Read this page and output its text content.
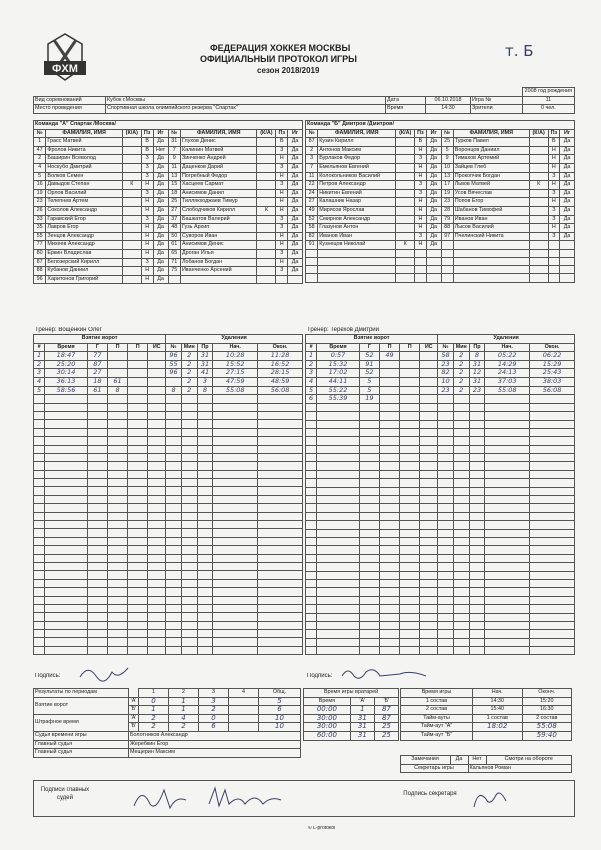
ФХМ
ФЕДЕРАЦИЯ ХОККЕЯ МОСКВЫ
ОФИЦИАЛЬНЫЙ ПРОТОКОЛ ИГРЫ
сезон 2018/2019
т. Б
					2008 год рождения
Вид соревнований	Кубок г.Москвы	Дата	06.10.2018	Игра №	11
Место проведения	Спортивная школа олимпийского резерва "Спартак"	Время	14:30	Зрители	0 чел.
Команда "А" Спартак /Москва/									
№	ФАМИЛИЯ, ИМЯ	(К/А)	Пз	Иг	№	ФАМИЛИЯ, ИМЯ	(К/А)	Пз	Иг
1	Грасс Матвей		В	Да	31	Глухов Денис		В	Да
47	Фролов Никита		В	Нет	7	Калинин Матвей		З	Да
2	Баширин Всеволод		З	Да	9	Зинченко Андрей		Н	Да
4	Носкубо Дмитрий		З	Да	11	Даценков Дарий		З	Да
5	Волков Семен		З	Да	13	Погребный Федор		Н	Да
16	Давыдов Степан	К	Н	Да	15	Хасцеев Сармат		З	Да
19	Орлов Василий		З	Да	18	Анисимов Данил		Н	Да
23	Телепнев Артем		Н	Да	25	Тиллякходжаев Тимур		Н	Да
26	Соколов Александр		Н	Да	27	Слободчиков Кирилл	К	Н	Да
33	Гаравский Егор		З	Да	37	Башкатов Валерий		З	Да
35	Лавров Егор		Н	Да	48	Гузь Архип		З	Да
55	Зенцов Александр		Н	Да	50	Суворов Иван		Н	Да
77	Михеев Александр		Н	Да	61	Анисимов Денис		Н	Да
80	Еркин Владислав		Н	Да	65	Дроган Илья		З	Да
87	Белозерский Кирилл		З	Да	71	Лобанов Богдан		Н	Да
88	Кубанов Даниил		Н	Да	75	Иванченко Арсений		З	Да
96	Харитонов Григорий		Н	Да					
Команда "Б" Дмитров /Дмитров/									
№	ФАМИЛИЯ, ИМЯ	(К/А)	Пз	Иг	№	ФАМИЛИЯ, ИМЯ	(К/А)	Пз	Иг
87	Кузин Кирилл		В	Да	25	Турков Павел		В	Да
2	Антонов Максим		Н	Да	5	Воронцов Даниил		Н	Да
3	Бурлаков Федор		З	Да	9	Тимахов Артемий		Н	Да
7	Емельянов Евгений		Н	Да	10	Зайцев Глеб		Н	Да
11	Колокольников Василий		Н	Да	13	Прокопчик Богдан		З	Да
22	Петров Александр		З	Да	17	Львов Матвей	К	Н	Да
24	Никитин Евгений		З	Да	19	Усов Вячеслав		З	Да
27	Калашник Назар		Н	Да	23	Попов Егор		Н	Да
49	Мирясов Ярослав		Н	Да	28	Шабанов Тимофей		З	Да
52	Смирнов Александр		Н	Да	79	Иванов Иван		З	Да
58	Глазунов Антон		Н	Да	88	Лысов Василий		Н	Да
82	Иванов Иван		З	Да	97	Пчелинский Никита		З	Да
91	Кузнецов Николай	К	Н	Да					

Тренер: Вощенкин Олег	Тренер: Терехов Дмитрий
Взятие ворот						Удаления				
#	Время	Г	П	П	ИС	№	Мин	Пр	Нач.	Окон.
1	18:47	77				96	2	31	10:28	11:28
2	25:20	87				55	2	31	15:52	16:52
3	30:14	27				96	2	41	27:15	28:15
4	36:13	18	61				2	3	47:59	48:59
5	58:56	61	8			8	2	8	55:08	56:08

Взятие ворот						Удаления				
#	Время	Г	П	П	ИС	№	Мин	Пр	Нач.	Окон.
1	0:57	52	49			58	2	8	05:22	06:22
2	15:32	91				23	2	31	14:29	15:29
3	17:02	52				82	2	12	24:13	25:43
4	44:11	5				10	2	31	37:03	38:03
5	55:22	5				23	2	23	55:08	56:08
6	55:39	19								

Подпись:	Подпись:
Результаты по периодам		1	2	3	4	Общ.
Взятие ворот	'А'	0	1	3		5
	'Б'	1	1	2		6
Штрафное время	'А'	2	4	0		10
	'Б'	2	2	6		10
Судья времени игры	Болотников Александр					
Главный судья	Жеребкин Егор					
Главный судья	Мещерин Максим					
Время игры вратарей		
Время	'А'	'Б'
00:00	1	87
30:00	31	87
30:00	31	25
60:00	31	25
Время игры	Нач.	Оконч.
1 состав	14:30	15:20
2 состав	15:40	16:30
Тайм-ауты	1 состав	2 состав
Тайм-аут "А"	18:02	55:08
Тайм-аут "Б"		59:40
		Замечания	Да	Нет	Смотри на обороте
		Секретарь игры		Кальянов Роман	
Подписи главных судей
Подпись секретаря
© L-protokol
